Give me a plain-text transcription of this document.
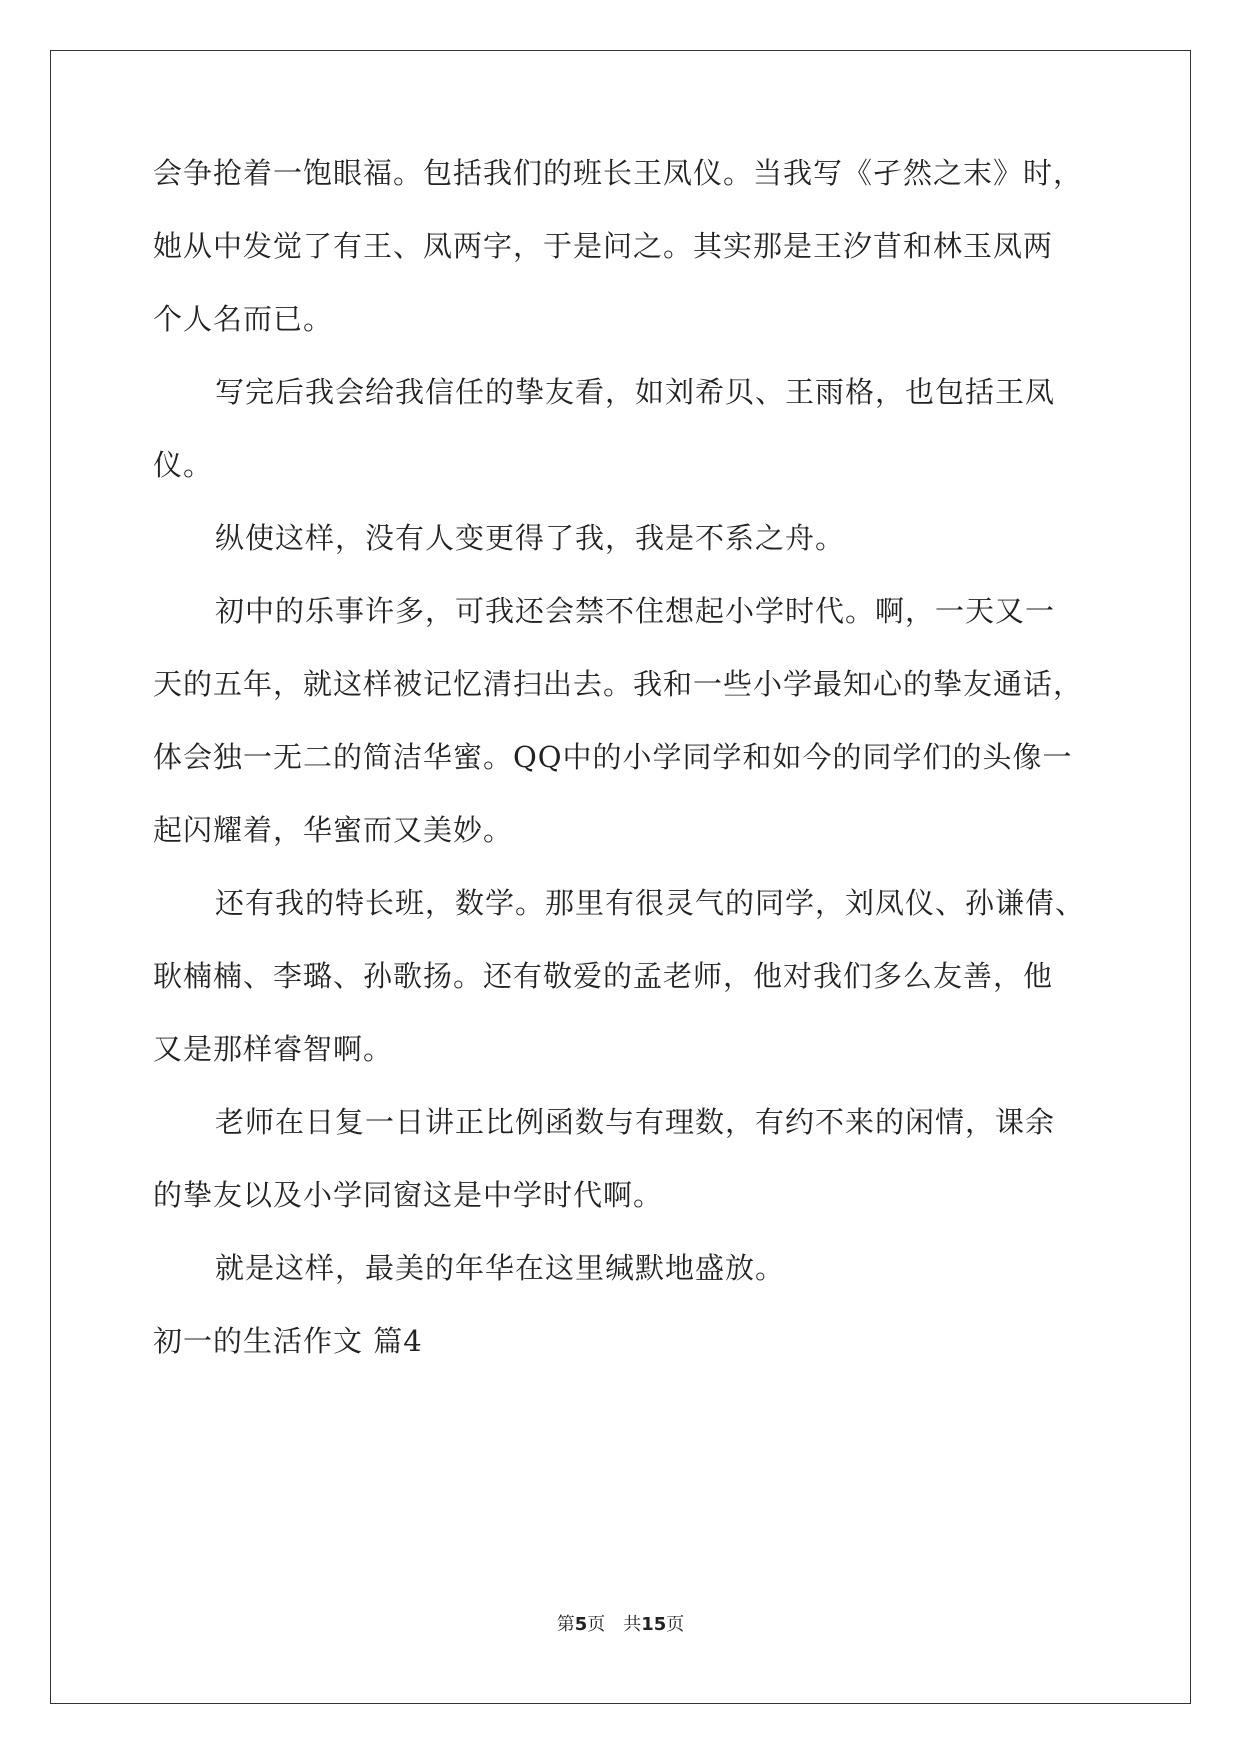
会争抢着一饱眼福。包括我们的班长王凤仪。当我写《孑然之末》时，
她从中发觉了有王、凤两字，于是问之。其实那是王汐苜和林玉凤两
个人名而已。
写完后我会给我信任的挚友看，如刘希贝、王雨格，也包括王凤
仪。
纵使这样，没有人变更得了我，我是不系之舟。
初中的乐事许多，可我还会禁不住想起小学时代。啊，一天又一
天的五年，就这样被记忆清扫出去。我和一些小学最知心的挚友通话，
体会独一无二的简洁华蜜。QQ中的小学同学和如今的同学们的头像一
起闪耀着，华蜜而又美妙。
还有我的特长班，数学。那里有很灵气的同学，刘凤仪、孙谦倩、
耿楠楠、李璐、孙歌扬。还有敬爱的孟老师，他对我们多么友善，他
又是那样睿智啊。
老师在日复一日讲正比例函数与有理数，有约不来的闲情，课余
的挚友以及小学同窗这是中学时代啊。
就是这样，最美的年华在这里缄默地盛放。
初一的生活作文 篇4
第5页　共15页
